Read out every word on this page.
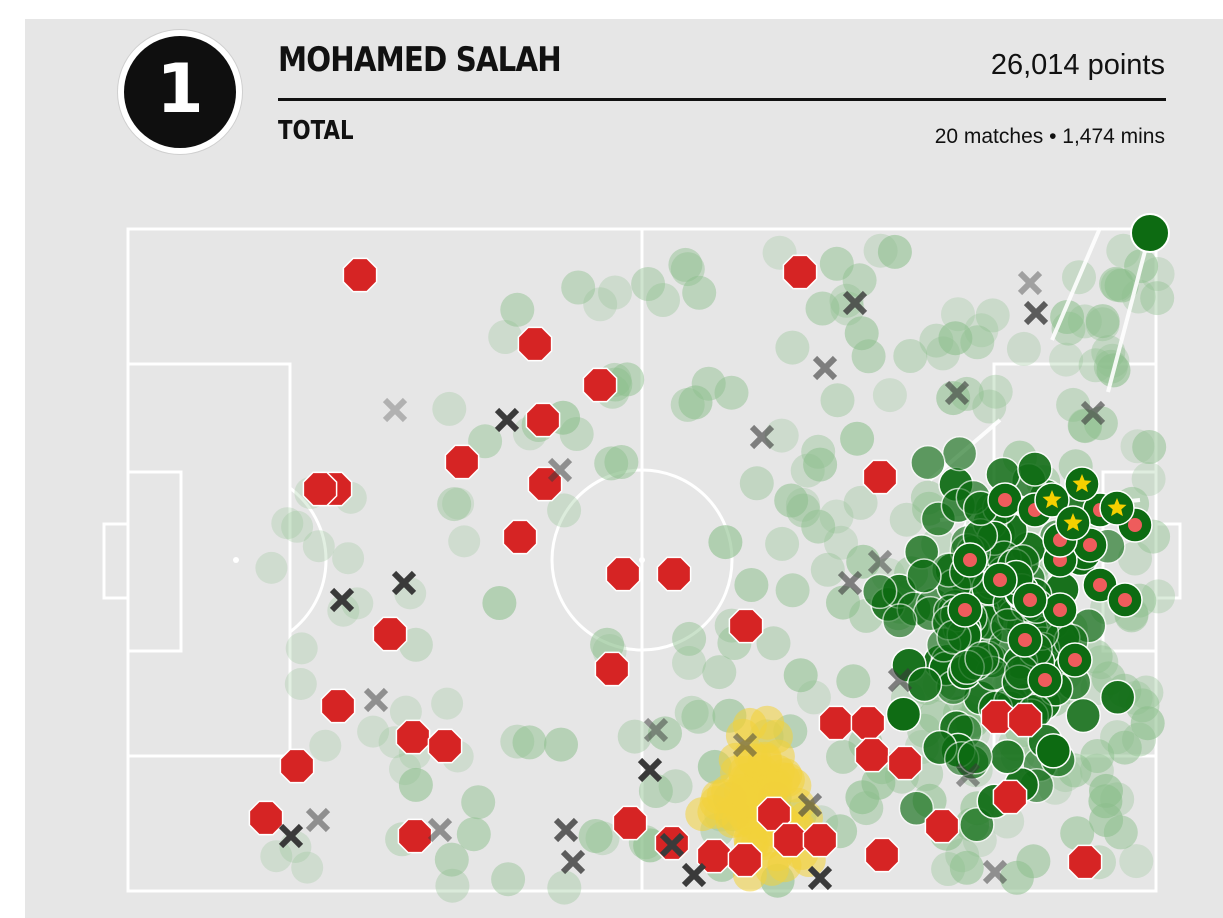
1 MOHAMED SALAH	26,014 points
TOTAL	20 matches • 1,474 mins
